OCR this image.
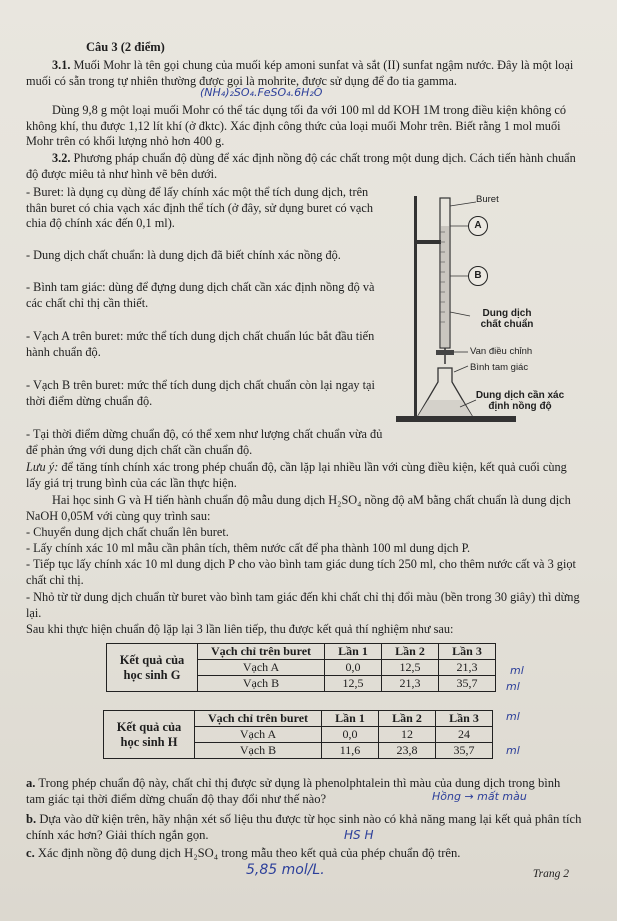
Câu 3 (2 điểm)

3.1. Muối Mohr là tên gọi chung của muối kép amoni sunfat và sắt (II) sunfat ngậm nước. Đây là một loại muối có sẵn trong tự nhiên thường được gọi là mohrite, được sử dụng để đo tia gamma.

(NH₄)₂SO₄.FeSO₄.6H₂O

Dùng 9,8 g một loại muối Mohr có thể tác dụng tối đa với 100 ml dd KOH 1M trong điều kiện không có không khí, thu được 1,12 lít khí (ở đktc). Xác định công thức của loại muối Mohr trên. Biết rằng 1 mol muối Mohr trên có khối lượng nhỏ hơn 400 g.

3.2. Phương pháp chuẩn độ dùng để xác định nồng độ các chất trong một dung dịch. Cách tiến hành chuẩn độ được miêu tả như hình vẽ bên dưới.

- Buret: là dụng cụ dùng để lấy chính xác một thể tích dung dịch, trên thân buret có chia vạch xác định thể tích (ở đây, sử dụng buret có vạch chia độ chính xác đến 0,1 ml).

- Dung dịch chất chuẩn: là dung dịch đã biết chính xác nồng độ.

- Bình tam giác: dùng để đựng dung dịch chất cần xác định nồng độ và các chất chỉ thị cần thiết.

- Vạch A trên buret: mức thể tích dung dịch chất chuẩn lúc bắt đầu tiến hành chuẩn độ.

- Vạch B trên buret: mức thể tích dung dịch chất chuẩn còn lại ngay tại thời điểm dừng chuẩn độ.

- Tại thời điểm dừng chuẩn độ, có thể xem như lượng chất chuẩn vừa đủ để phản ứng với dung dịch chất cần chuẩn độ.

Buret
A
B
Dung dịch chất chuẩn
Van điều chỉnh
Bình tam giác
Dung dịch cần xác định nồng độ

Lưu ý: để tăng tính chính xác trong phép chuẩn độ, cần lặp lại nhiều lần với cùng điều kiện, kết quả cuối cùng lấy giá trị trung bình của các lần thực hiện.

Hai học sinh G và H tiến hành chuẩn độ mẫu dung dịch H₂SO₄ nồng độ aM bằng chất chuẩn là dung dịch NaOH 0,05M với cùng quy trình sau:

- Chuyển dung dịch chất chuẩn lên buret.

- Lấy chính xác 10 ml mẫu cần phân tích, thêm nước cất để pha thành 100 ml dung dịch P.

- Tiếp tục lấy chính xác 10 ml dung dịch P cho vào bình tam giác dung tích 250 ml, cho thêm nước cất và 3 giọt chất chỉ thị.

- Nhỏ từ từ dung dịch chuẩn từ buret vào bình tam giác đến khi chất chỉ thị đổi màu (bền trong 30 giây) thì dừng lại.

Sau khi thực hiện chuẩn độ lặp lại 3 lần liên tiếp, thu được kết quả thí nghiệm như sau:

Kết quả của học sinh G	Vạch chỉ trên buret	Lần 1	Lần 2	Lần 3
	Vạch A	0,0	12,5	21,3
	Vạch B	12,5	21,3	35,7
ml
ml
Kết quả của học sinh H	Vạch chỉ trên buret	Lần 1	Lần 2	Lần 3
	Vạch A	0,0	12	24
	Vạch B	11,6	23,8	35,7
ml
ml

a. Trong phép chuẩn độ này, chất chỉ thị được sử dụng là phenolphtalein thì màu của dung dịch trong bình tam giác tại thời điểm dừng chuẩn độ thay đổi như thế nào?	Hồng → mất màu

b. Dựa vào dữ kiện trên, hãy nhận xét số liệu thu được từ học sinh nào có khả năng mang lại kết quả phân tích chính xác hơn? Giải thích ngắn gọn.	HS H

c. Xác định nồng độ dung dịch H₂SO₄ trong mẫu theo kết quả của phép chuẩn độ trên.

5,85 mol/L.	Trang 2
